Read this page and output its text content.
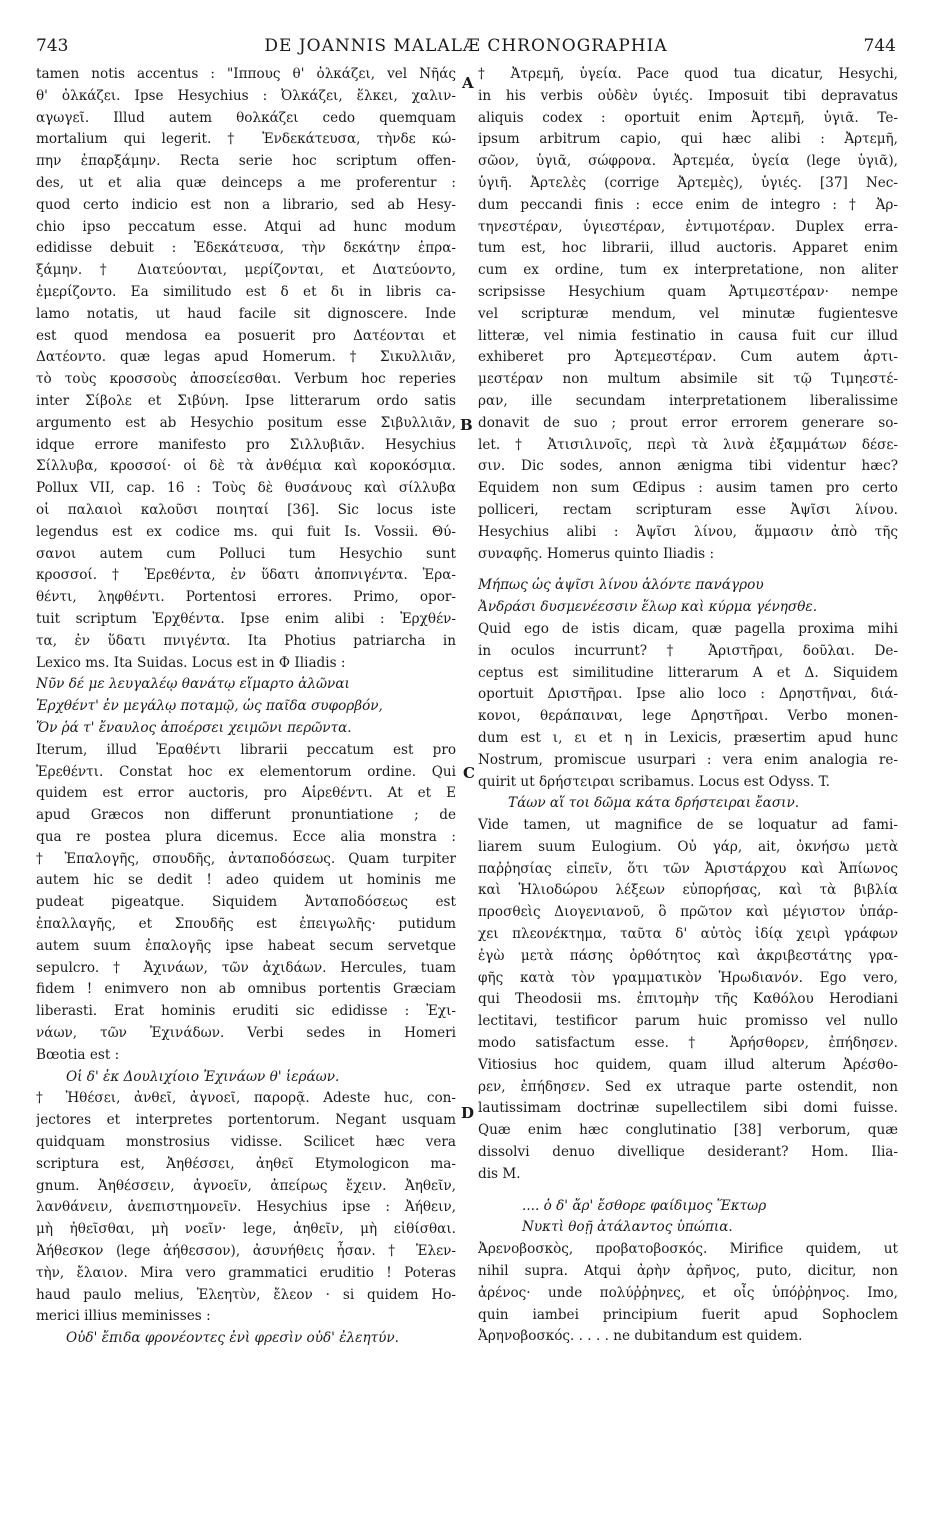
743	DE JOANNIS MALALÆ CHRONOGRAPHIA	744
A
B
C
D
tamen notis accentus : "Ιππους θ' ὀλκάζει, vel Νῆάς
θ' ὀλκάζει. Ipse Hesychius : Ὀλκάζει, ἕλκει, χαλιν-
αγωγεῖ. Illud autem θολκάζει cedo quemquam
mortalium qui legerit. † Ἐνδεκάτευσα, τὴνδε κώ-
πην ἐπαρξάμην. Recta serie hoc scriptum offen-
des, ut et alia quæ deinceps a me proferentur :
quod certo indicio est non a librario, sed ab Hesy-
chio ipso peccatum esse. Atqui ad hunc modum
edidisse debuit : Ἐδεκάτευσα, τὴν δεκάτην ἐπρα-
ξάμην. † Διατεύονται, μερίζονται, et Διατεύοντο,
ἐμερίζοντο. Ea similitudo est δ et δι in libris ca-
lamo notatis, ut haud facile sit dignoscere. Inde
est quod mendosa ea posuerit pro Δατέονται et
Δατέοντο. quæ legas apud Homerum. † Σικυλλιᾶν,
τὸ τοὺς κροσσοὺς ἀποσείεσθαι. Verbum hoc reperies
inter Σίβολε et Σιβύνη. Ipse litterarum ordo satis
argumento est ab Hesychio positum esse Σιβυλλιᾶν,
idque errore manifesto pro Σιλλυβιᾶν. Hesychius
Σίλλυβα, κροσσοί· οἱ δὲ τὰ ἀνθέμια καὶ κοροκόσμια.
Pollux VII, cap. 16 : Τοὺς δὲ θυσάνους καὶ σίλλυβα
οἱ παλαιοὶ καλοῦσι ποιηταί [36]. Sic locus iste
legendus est ex codice ms. qui fuit Is. Vossii. Θύ-
σανοι autem cum Polluci tum Hesychio sunt
κροσσοί. † Ἐρεθέντα, ἐν ὕδατι ἀποπνιγέντα. Ἐρα-
θέντι, ληφθέντι. Portentosi errores. Primo, opor-
tuit scriptum Ἐρχθέντα. Ipse enim alibi : Ἐρχθέν-
τα, ἐν ὕδατι πνιγέντα. Ita Photius patriarcha in
Lexico ms. Ita Suidas. Locus est in Φ Iliadis :
Νῦν δέ με λευγαλέῳ θανάτῳ εἵμαρτο ἁλῶναι
Ἐρχθέντ' ἐν μεγάλῳ ποταμῷ, ὡς παῖδα συφορβόν,
Ὅν ῥά τ' ἔναυλος ἀποέρσει χειμῶνι περῶντα.
Iterum, illud Ἐραθέντι librarii peccatum est pro
Ἐρεθέντι. Constat hoc ex elementorum ordine. Qui
quidem est error auctoris, pro Αἱρεθέντι. At et E
apud Græcos non differunt pronuntiatione ; de
qua re postea plura dicemus. Ecce alia monstra :
† Ἐπαλογῆς, σπουδῆς, ἀνταποδόσεως. Quam turpiter
autem hic se dedit ! adeo quidem ut hominis me
pudeat pigeatque. Siquidem Ἀνταποδόσεως est
ἐπαλλαγῆς, et Σπουδῆς est ἐπειγωλῆς· putidum
autem suum ἐπαλογῆς ipse habeat secum servetque
sepulcro. † Ἀχινάων, τῶν ἀχιδάων. Hercules, tuam
fidem ! enimvero non ab omnibus portentis Græciam
liberasti. Erat hominis eruditi sic edidisse : Ἐχι-
νάων, τῶν Ἐχινάδων. Verbi sedes in Homeri
Bœotia est :
Οἱ δ' ἐκ Δουλιχίοιο Ἐχινάων θ' ἱεράων.
† Ἠθέσει, ἀνθεῖ, ἀγνοεῖ, παρορᾷ. Adeste huc, con-
jectores et interpretes portentorum. Negant usquam
quidquam monstrosius vidisse. Scilicet hæc vera
scriptura est, Ἀηθέσσει, ἀηθεῖ Etymologicon ma-
gnum. Ἀηθέσσειν, ἀγνοεῖν, ἀπείρως ἔχειν. Ἀηθεῖν,
λανθάνειν, ἀνεπιστημονεῖν. Hesychius ipse : Ἀήθειν,
μὴ ἠθεῖσθαι, μὴ νοεῖν· lege, ἀηθεῖν, μὴ εἰθίσθαι.
Ἀήθεσκον (lege ἀήθεσσον), ἀσυνήθεις ἦσαν. † Ἐλεν-
τὴν, ἔλαιον. Mira vero grammatici eruditio ! Poteras
haud paulo melius, Ἐλεητὺν, ἔλεον · si quidem Ho-
merici illius meminisses :
Οὐδ' ἔπιδα φρονέοντες ἐνὶ φρεσὶν οὐδ' ἐλεητύν.
† Ἀτρεμῆ, ὑγεία. Pace quod tua dicatur, Hesychi,
in his verbis οὐδὲν ὑγιές. Imposuit tibi depravatus
aliquis codex : oportuit enim Ἀρτεμῆ, ὑγιᾶ. Te-
ipsum arbitrum capio, qui hæc alibi : Ἀρτεμῆ,
σῶον, ὑγιᾶ, σώφρονα. Ἀρτεμέα, ὑγεία (lege ὑγιᾶ),
ὑγιῆ. Ἀρτελὲς (corrige Ἀρτεμὲς), ὑγιές. [37] Nec-
dum peccandi finis : ecce enim de integro : † Ἀρ-
τηνεστέραν, ὑγιεστέραν, ἐντιμοτέραν. Duplex erra-
tum est, hoc librarii, illud auctoris. Apparet enim
cum ex ordine, tum ex interpretatione, non aliter
scripsisse Hesychium quam Ἀρτιμεστέραν· nempe
vel scripturæ mendum, vel minutæ fugientesve
litteræ, vel nimia festinatio in causa fuit cur illud
exhiberet pro Ἀρτεμεστέραν. Cum autem ἀρτι-
μεστέραν non multum absimile sit τῷ Τιμηεστέ-
ραν, ille secundam interpretationem liberalissime
donavit de suo ; prout error errorem generare so-
let. † Ἀτισιλινοῖς, περὶ τὰ λινὰ ἐξαμμάτων δέσε-
σιν. Dic sodes, annon ænigma tibi videntur hæc?
Equidem non sum Œdipus : ausim tamen pro certo
polliceri, rectam scripturam esse Ἀψῖσι λίνου.
Hesychius alibi : Ἀψῖσι λίνου, ἅμμασιν ἀπὸ τῆς
συναφῆς. Homerus quinto Iliadis :
Μήπως ὡς ἀψῖσι λίνου ἁλόντε πανάγρου
Ἀνδράσι δυσμενέεσσιν ἕλωρ καὶ κύρμα γένησθε.
Quid ego de istis dicam, quæ pagella proxima mihi
in oculos incurrunt? † Ἀριστῆραι, δοῦλαι. De-
ceptus est similitudine litterarum Α et Δ. Siquidem
oportuit Δριστῆραι. Ipse alio loco : Δρηστῆναι, διά-
κονοι, θεράπαιναι, lege Δρηστῆραι. Verbo monen-
dum est ι, ει et η in Lexicis, præsertim apud hunc
Nostrum, promiscue usurpari : vera enim analogia re-
quirit ut δρήστειραι scribamus. Locus est Odyss. T.
Τάων αἵ τοι δῶμα κάτα δρήστειραι ἔασιν.
Vide tamen, ut magnifice de se loquatur ad fami-
liarem suum Eulogium. Οὐ γάρ, ait, ὀκνήσω μετὰ
παῤῥησίας εἰπεῖν, ὅτι τῶν Ἀριστάρχου καὶ Ἀπίωνος
καὶ Ἡλιοδώρου λέξεων εὐπορήσας, καὶ τὰ βιβλία
προσθεὶς Διογενιανοῦ, ὃ πρῶτον καὶ μέγιστον ὑπάρ-
χει πλεονέκτημα, ταῦτα δ' αὐτὸς ἰδίᾳ χειρὶ γράφων
ἐγὼ μετὰ πάσης ὀρθότητος καὶ ἀκριβεστάτης γρα-
φῆς κατὰ τὸν γραμματικὸν Ἡρωδιανόν. Ego vero,
qui Theodosii ms. ἐπιτομὴν τῆς Καθόλου Herodiani
lectitavi, testificor parum huic promisso vel nullo
modo satisfactum esse. † Ἀρήσθορεν, ἐπήδησεν.
Vitiosius hoc quidem, quam illud alterum Ἀρέσθο-
ρεν, ἐπήδησεν. Sed ex utraque parte ostendit, non
lautissimam doctrinæ supellectilem sibi domi fuisse.
Quæ enim hæc conglutinatio [38] verborum, quæ
dissolvi denuo divellique desiderant? Hom. Ilia-
dis M.
.... ὁ δ' ἄρ' ἔσθορε φαίδιμος Ἕκτωρ
Νυκτὶ θοῇ ἀτάλαντος ὑπώπια.
Ἀρενοβοσκὸς, προβατοβοσκός. Mirifice quidem, ut
nihil supra. Atqui ἀρὴν ἀρῆνος, puto, dicitur, non
ἀρένος· unde πολύῤῥηνες, et οἶς ὑπόῤῥηνος. Imo,
quin iambei principium fuerit apud Sophoclem
Ἀρηνοβοσκός. . . . . ne dubitandum est quidem.
